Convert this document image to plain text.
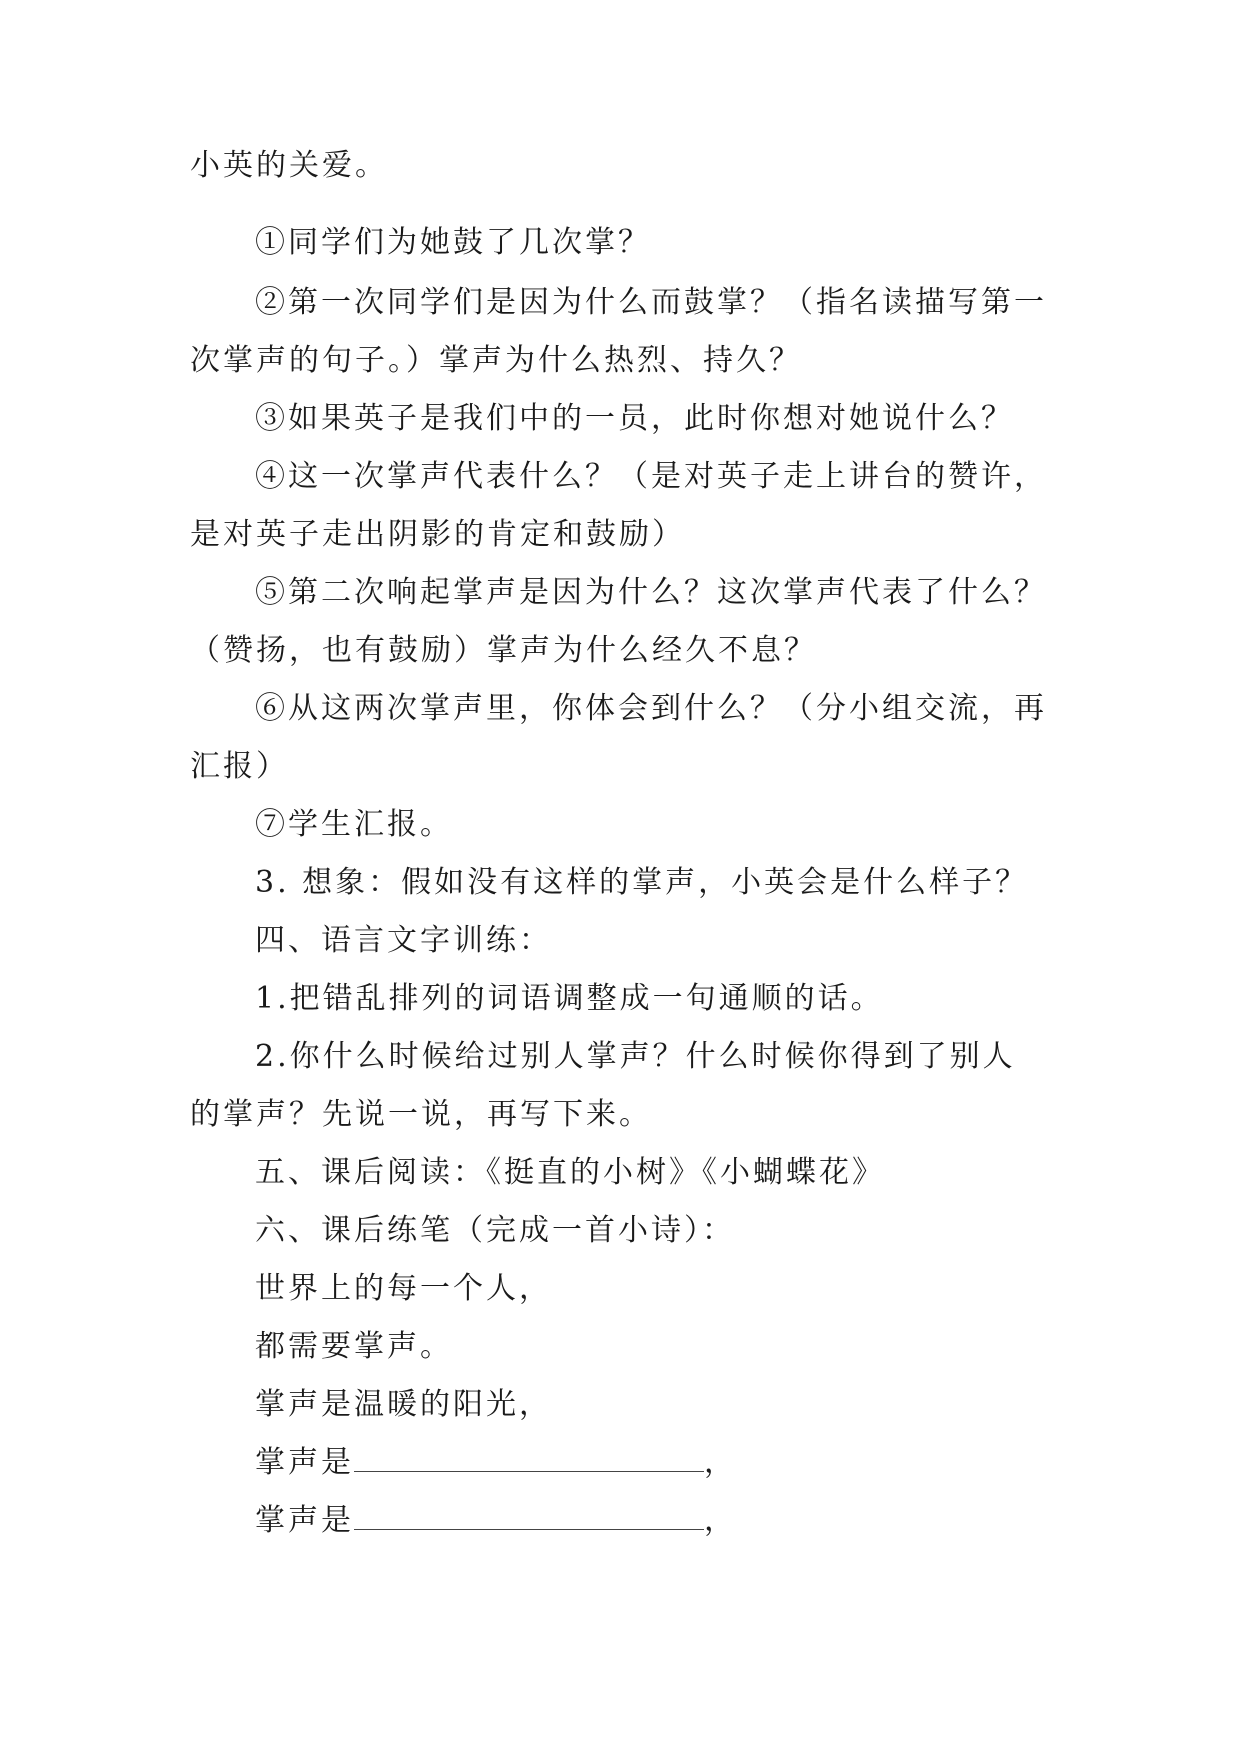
小英的关爱。
①同学们为她鼓了几次掌？
②第一次同学们是因为什么而鼓掌？（指名读描写第一
次掌声的句子。）掌声为什么热烈、持久？
③如果英子是我们中的一员，此时你想对她说什么？
④这一次掌声代表什么？（是对英子走上讲台的赞许，
是对英子走出阴影的肯定和鼓励）
⑤第二次响起掌声是因为什么？这次掌声代表了什么？
（赞扬，也有鼓励）掌声为什么经久不息？
⑥从这两次掌声里，你体会到什么？（分小组交流，再
汇报）
⑦学生汇报。
3. 想象：假如没有这样的掌声，小英会是什么样子？
四、语言文字训练：
1.把错乱排列的词语调整成一句通顺的话。
2.你什么时候给过别人掌声？什么时候你得到了别人
的掌声？先说一说，再写下来。
五、课后阅读：《挺直的小树》《小蝴蝶花》
六、课后练笔（完成一首小诗）：
世界上的每一个人，
都需要掌声。
掌声是温暖的阳光，
掌声是	，
掌声是	，
